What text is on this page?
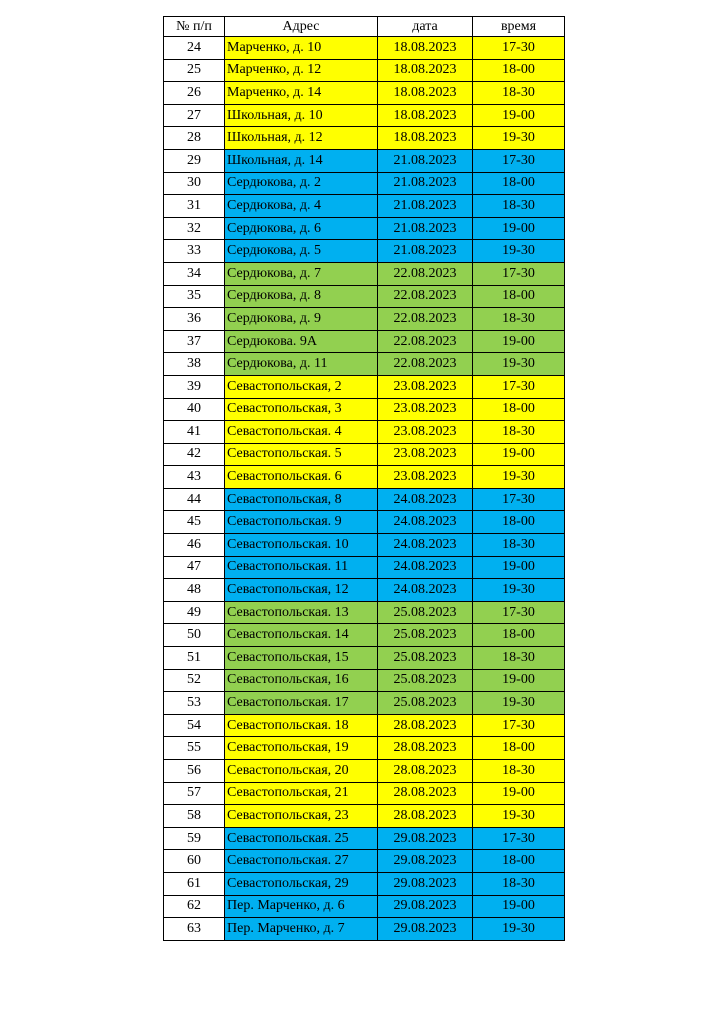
№ п/п	Адрес	дата	время
24	Марченко, д. 10	18.08.2023	17-30
25	Марченко, д. 12	18.08.2023	18-00
26	Марченко, д. 14	18.08.2023	18-30
27	Школьная, д. 10	18.08.2023	19-00
28	Школьная, д. 12	18.08.2023	19-30
29	Школьная, д. 14	21.08.2023	17-30
30	Сердюкова, д. 2	21.08.2023	18-00
31	Сердюкова, д. 4	21.08.2023	18-30
32	Сердюкова, д. 6	21.08.2023	19-00
33	Сердюкова, д. 5	21.08.2023	19-30
34	Сердюкова, д. 7	22.08.2023	17-30
35	Сердюкова, д. 8	22.08.2023	18-00
36	Сердюкова, д. 9	22.08.2023	18-30
37	Сердюкова. 9А	22.08.2023	19-00
38	Сердюкова, д. 11	22.08.2023	19-30
39	Севастопольская, 2	23.08.2023	17-30
40	Севастопольская, 3	23.08.2023	18-00
41	Севастопольская. 4	23.08.2023	18-30
42	Севастопольская. 5	23.08.2023	19-00
43	Севастопольская. 6	23.08.2023	19-30
44	Севастопольская, 8	24.08.2023	17-30
45	Севастопольская. 9	24.08.2023	18-00
46	Севастопольская. 10	24.08.2023	18-30
47	Севастопольская. 11	24.08.2023	19-00
48	Севастопольская, 12	24.08.2023	19-30
49	Севастопольская. 13	25.08.2023	17-30
50	Севастопольская. 14	25.08.2023	18-00
51	Севастопольская, 15	25.08.2023	18-30
52	Севастопольская, 16	25.08.2023	19-00
53	Севастопольская. 17	25.08.2023	19-30
54	Севастопольская. 18	28.08.2023	17-30
55	Севастопольская, 19	28.08.2023	18-00
56	Севастопольская, 20	28.08.2023	18-30
57	Севастопольская, 21	28.08.2023	19-00
58	Севастопольская, 23	28.08.2023	19-30
59	Севастопольская. 25	29.08.2023	17-30
60	Севастопольская. 27	29.08.2023	18-00
61	Севастопольская, 29	29.08.2023	18-30
62	Пер. Марченко, д. 6	29.08.2023	19-00
63	Пер. Марченко, д. 7	29.08.2023	19-30
